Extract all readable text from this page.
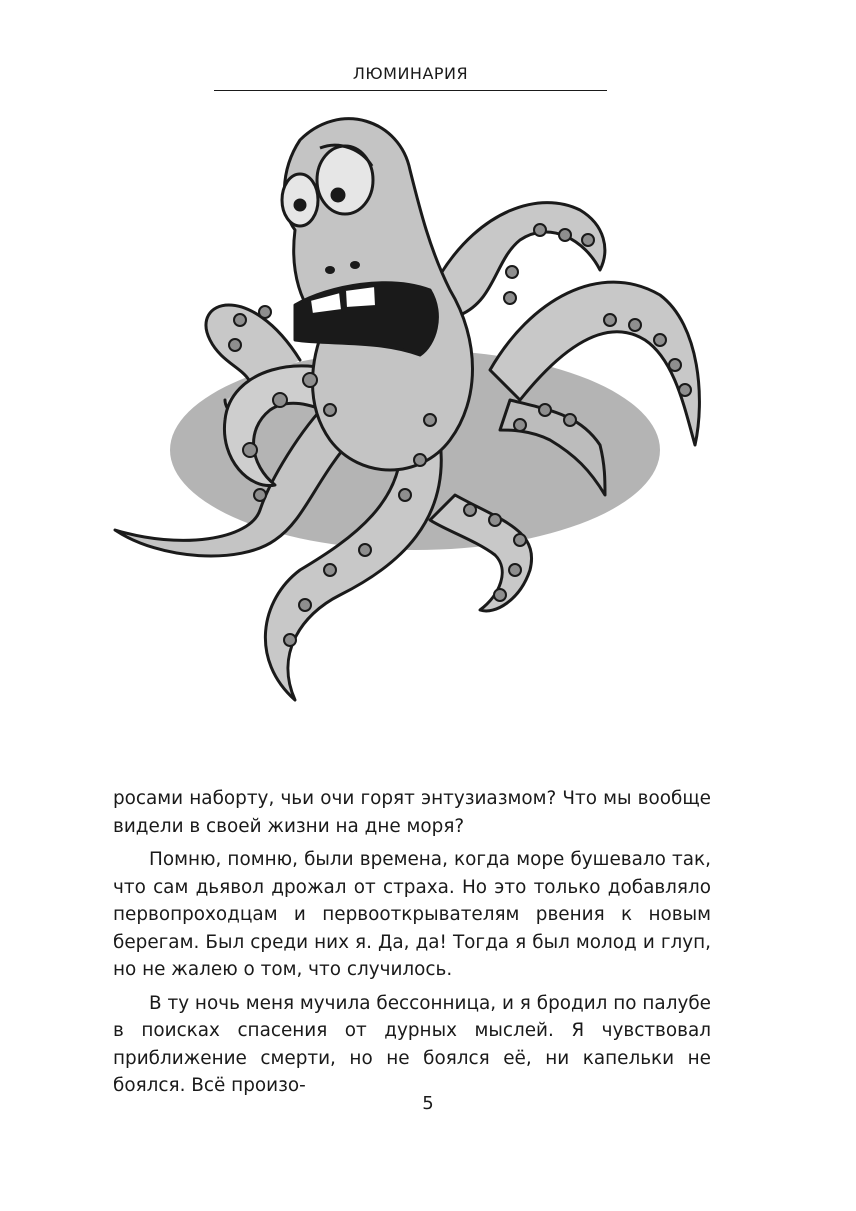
ЛЮМИНАРИЯ

росами наборту, чьи очи горят энтузиазмом? Что мы вообще видели в своей жизни на дне моря?

Помню, помню, были времена, когда море бушевало так, что сам дьявол дрожал от страха. Но это только добавляло первопроходцам и первооткрывателям рвения к новым берегам. Был среди них я. Да, да! Тогда я был молод и глуп, но не жалею о том, что случилось.

В ту ночь меня мучила бессонница, и я бродил по палубе в поисках спасения от дурных мыслей. Я чувствовал приближение смерти, но не боялся её, ни капельки не боялся. Всё произо-

5
